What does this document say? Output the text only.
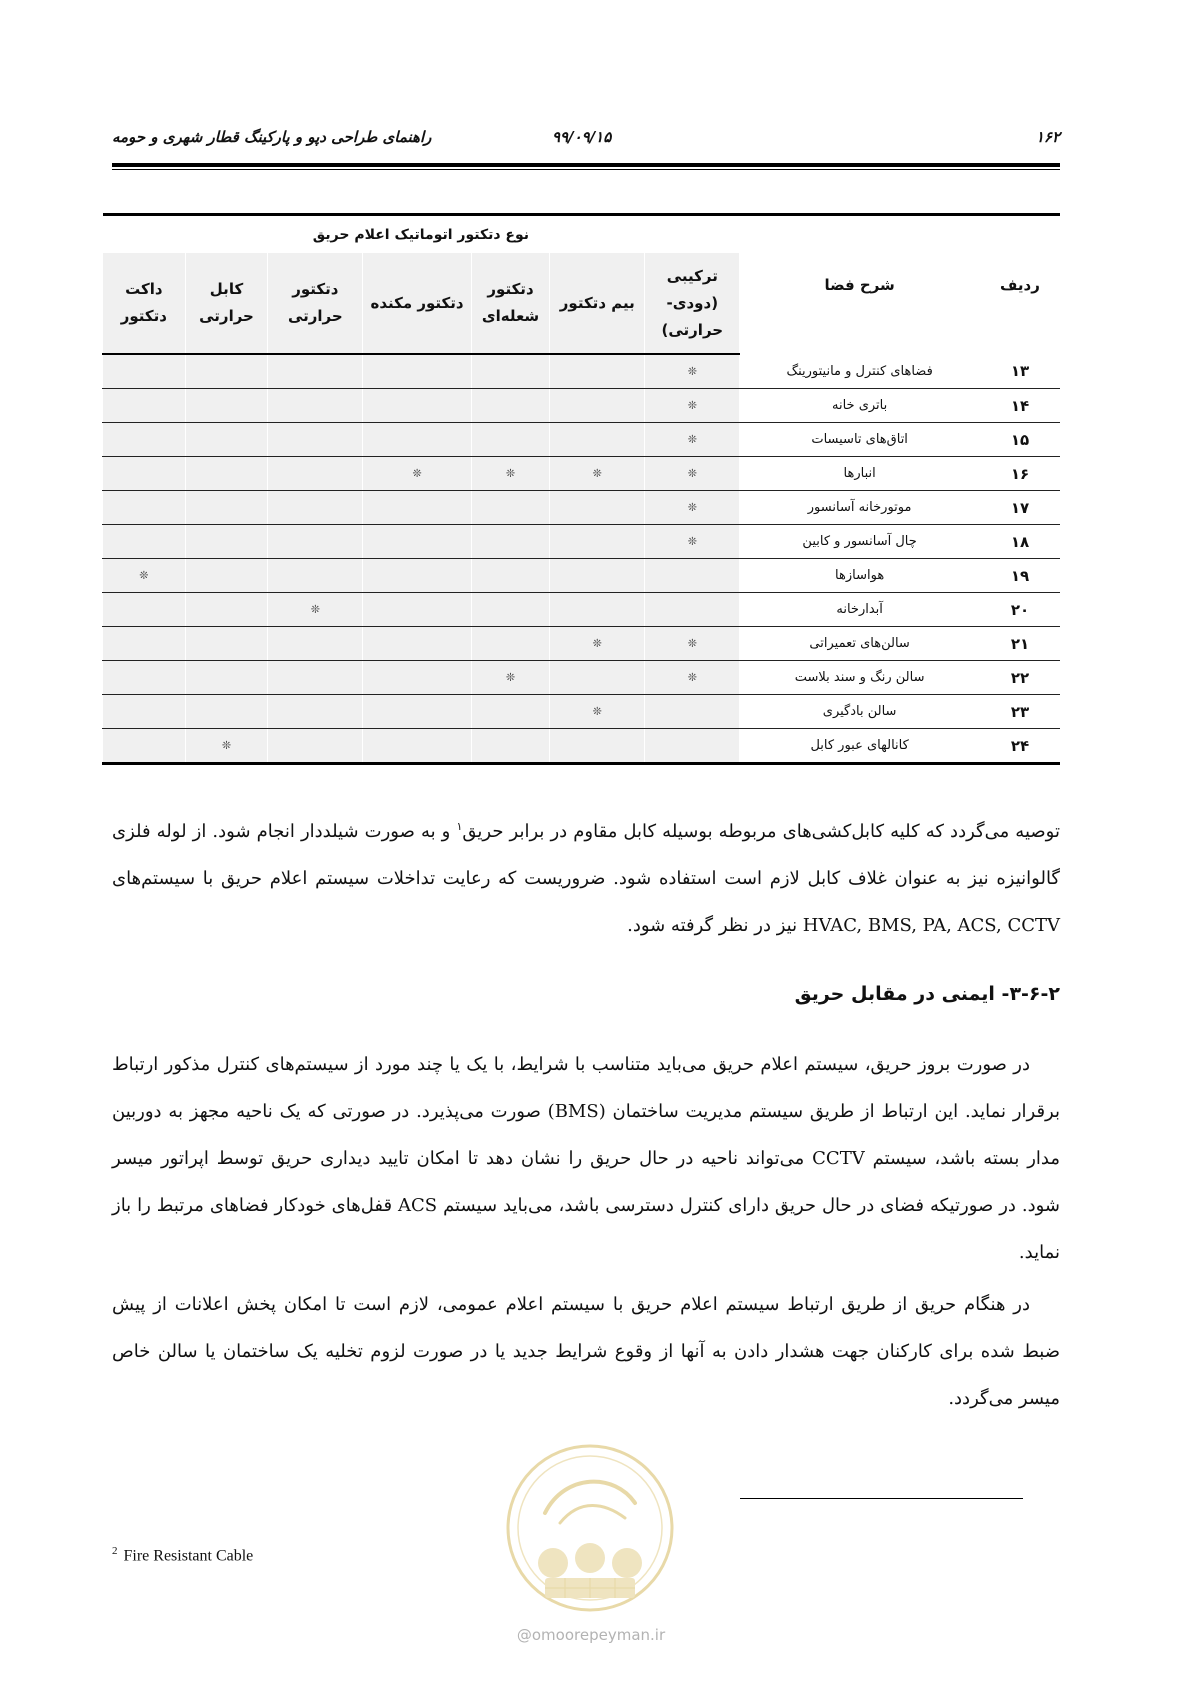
۱۶۲
۹۹/۰۹/۱۵
راهنمای طراحی دپو و پارکینگ قطار شهری و حومه
ردیف	شرح فضا	نوع دتکتور اتوماتیک اعلام حریق						
		ترکیبی (دودی-حرارتی)	بیم دتکتور	دتکتور شعله‌ای	دتکتور مکنده	دتکتور حرارتی	کابل حرارتی	داکت دتکتور
۱۳	فضاهای کنترل و مانیتورینگ	❊						
۱۴	باتری خانه	❊						
۱۵	اتاق‌های تاسیسات	❊						
۱۶	انبارها	❊	❊	❊	❊			
۱۷	موتورخانه آسانسور	❊						
۱۸	چال آسانسور و کابین	❊						
۱۹	هواسازها							❊
۲۰	آبدارخانه					❊		
۲۱	سالن‌های تعمیراتی	❊	❊					
۲۲	سالن رنگ و سند بلاست	❊		❊				
۲۳	سالن بادگیری		❊					
۲۴	کانالهای عبور کابل						❊	

توصیه می‌گردد که کلیه کابل‌کشی‌های مربوطه بوسیله کابل مقاوم در برابر حریق$^۱$ و به صورت شیلددار انجام شود. از لوله فلزی گالوانیزه نیز به عنوان غلاف کابل لازم است استفاده شود. ضروریست که رعایت تداخلات سیستم اعلام حریق با سیستم‌های HVAC, BMS, PA, ACS, CCTV نیز در نظر گرفته شود.

۳-۶-۲- ایمنی در مقابل حریق

در صورت بروز حریق، سیستم اعلام حریق می‌باید متناسب با شرایط، با یک یا چند مورد از سیستم‌های کنترل مذکور ارتباط برقرار نماید. این ارتباط از طریق سیستم مدیریت ساختمان (BMS) صورت می‌پذیرد. در صورتی که یک ناحیه مجهز به دوربین مدار بسته باشد، سیستم CCTV می‌تواند ناحیه در حال حریق را نشان دهد تا امکان تایید دیداری حریق توسط اپراتور میسر شود. در صورتیکه فضای در حال حریق دارای کنترل دسترسی باشد، می‌باید سیستم ACS قفل‌های خودکار فضاهای مرتبط را باز نماید.

در هنگام حریق از طریق ارتباط سیستم اعلام حریق با سیستم اعلام عمومی، لازم است تا امکان پخش اعلانات از پیش ضبط شده برای کارکنان جهت هشدار دادن به آنها از وقوع شرایط جدید یا در صورت لزوم تخلیه یک ساختمان یا سالن خاص میسر می‌گردد.

@omoorepeyman.ir
$^2$ Fire Resistant Cable
